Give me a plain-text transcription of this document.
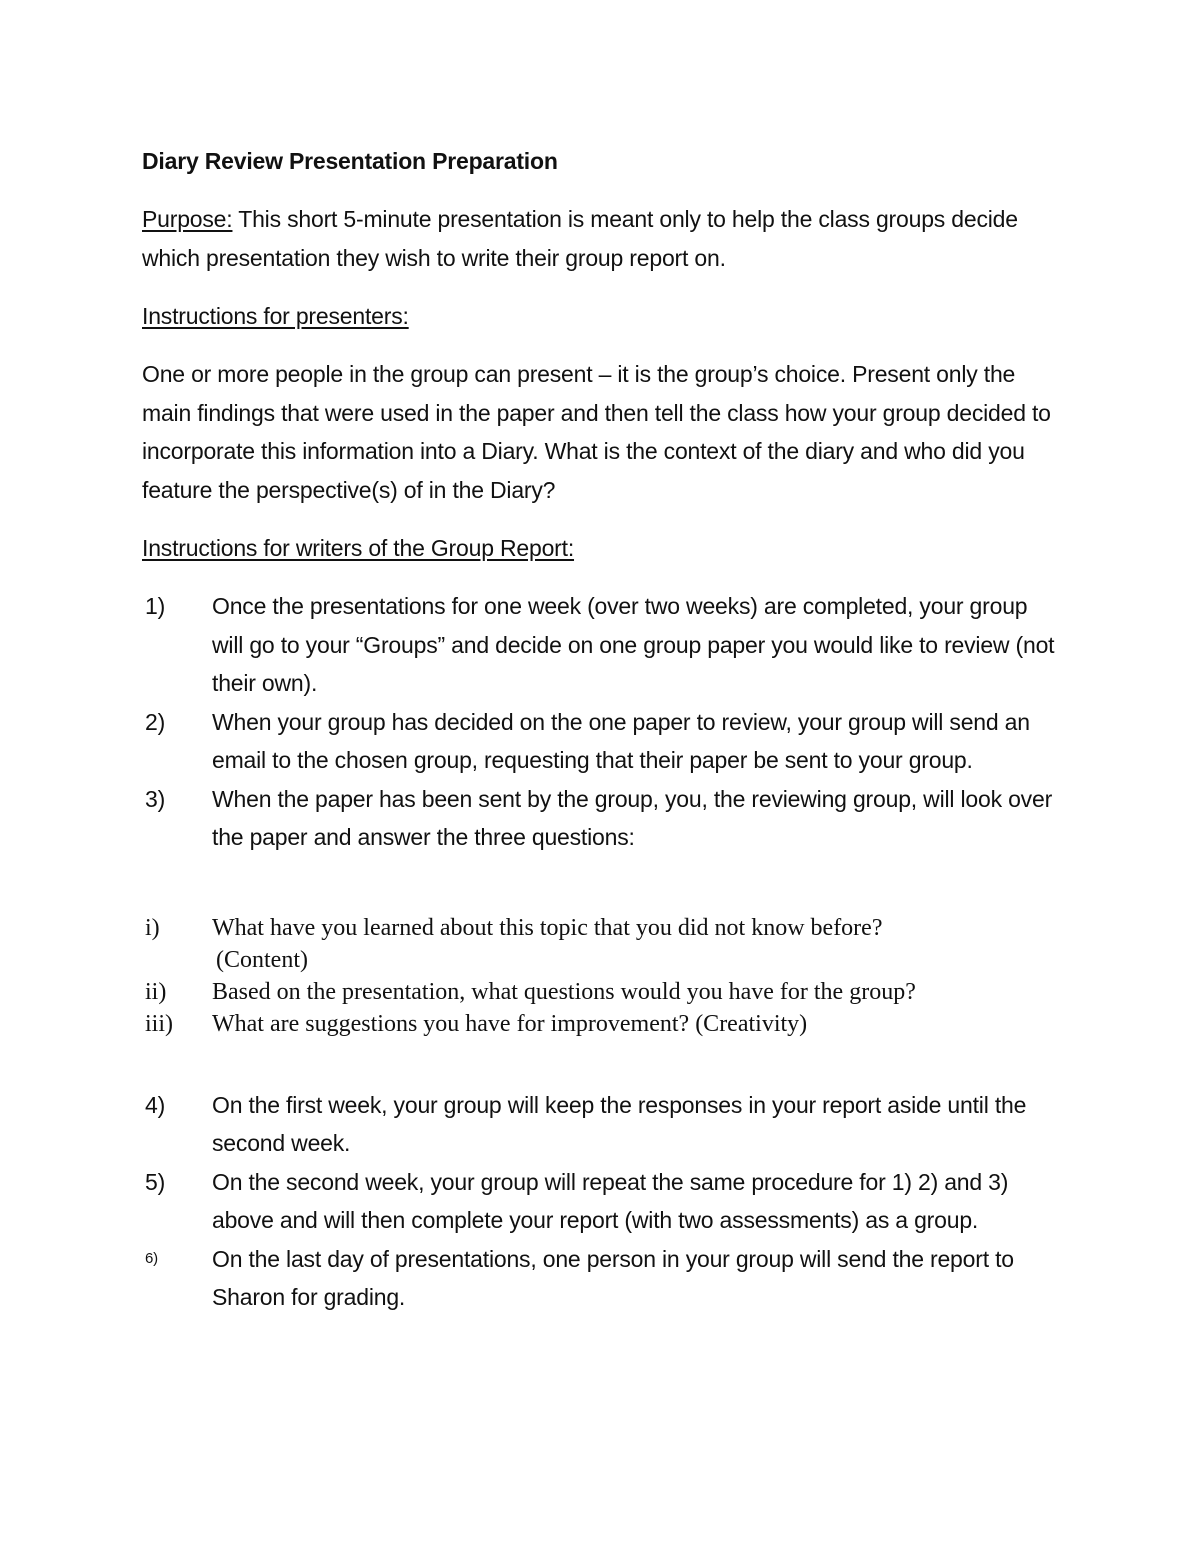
Diary Review Presentation Preparation
Purpose: This short 5-minute presentation is meant only to help the class groups decide which presentation they wish to write their group report on.
Instructions for presenters:
One or more people in the group can present – it is the group’s choice. Present only the main findings that were used in the paper and then tell the class how your group decided to incorporate this information into a Diary. What is the context of the diary and who did you feature the perspective(s) of in the Diary?
Instructions for writers of the Group Report:
1)	Once the presentations for one week (over two weeks) are completed, your group will go to your “Groups” and decide on one group paper you would like to review (not their own).
2)	When your group has decided on the one paper to review, your group will send an email to the chosen group, requesting that their paper be sent to your group.
3)	When the paper has been sent by the group, you, the reviewing group, will look over the paper and answer the three questions:
i)	What have you learned about this topic that you did not know before?
(Content)
ii)	Based on the presentation, what questions would you have for the group?
iii)	What are suggestions you have for improvement? (Creativity)
4)	On the first week, your group will keep the responses in your report aside until the second week.
5)	On the second week, your group will repeat the same procedure for 1) 2) and 3) above and will then complete your report (with two assessments) as a group.
6)	On the last day of presentations, one person in your group will send the report to Sharon for grading.
